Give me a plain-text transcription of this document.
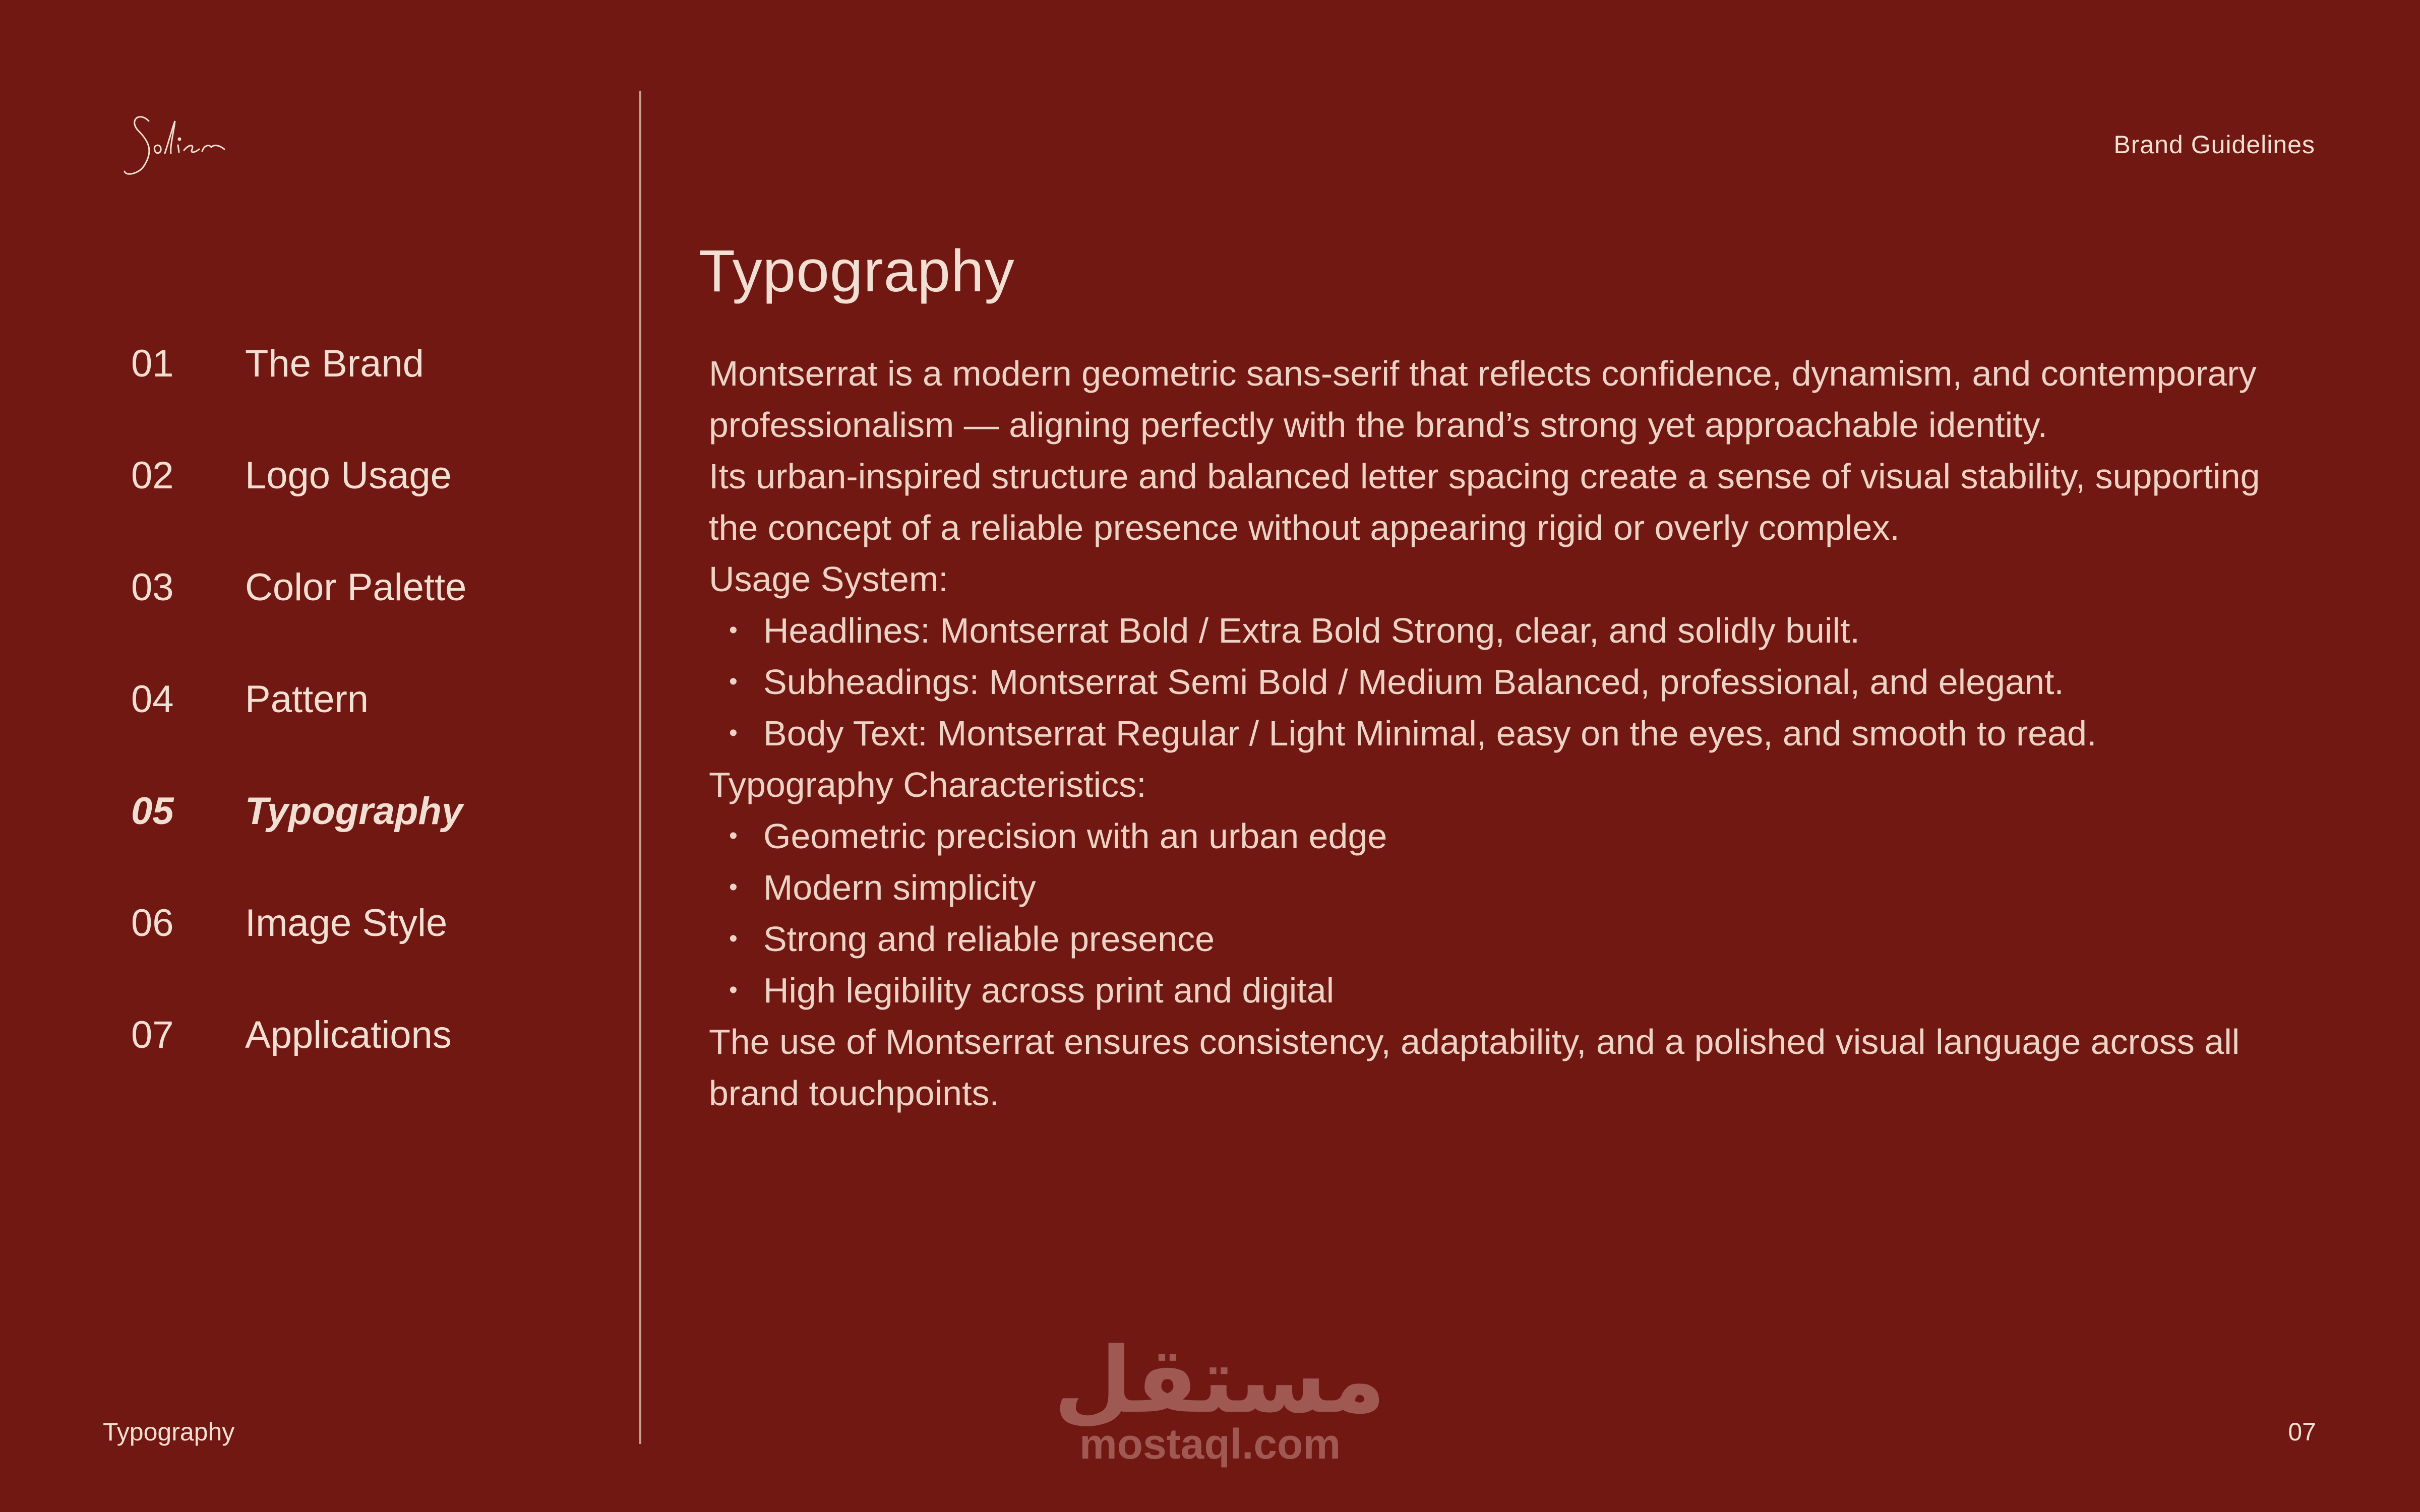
Brand Guidelines
01	The Brand
02	Logo Usage
03	Color Palette
04	Pattern
05	Typography
06	Image Style
07	Applications
Typography

Montserrat is a modern geometric sans-serif that reflects confidence, dynamism, and contemporary professionalism — aligning perfectly with the brand’s strong yet approachable identity.

Its urban-inspired structure and balanced letter spacing create a sense of visual stability, supporting the concept of a reliable presence without appearing rigid or overly complex.

Usage System:

• Headlines: Montserrat Bold / Extra Bold Strong, clear, and solidly built.
• Subheadings: Montserrat Semi Bold / Medium Balanced, professional, and elegant.
• Body Text: Montserrat Regular / Light Minimal, easy on the eyes, and smooth to read.

Typography Characteristics:

• Geometric precision with an urban edge
• Modern simplicity
• Strong and reliable presence
• High legibility across print and digital

The use of Montserrat ensures consistency, adaptability, and a polished visual language across all brand touchpoints.

Typography	07
مستقل
mostaql.com
